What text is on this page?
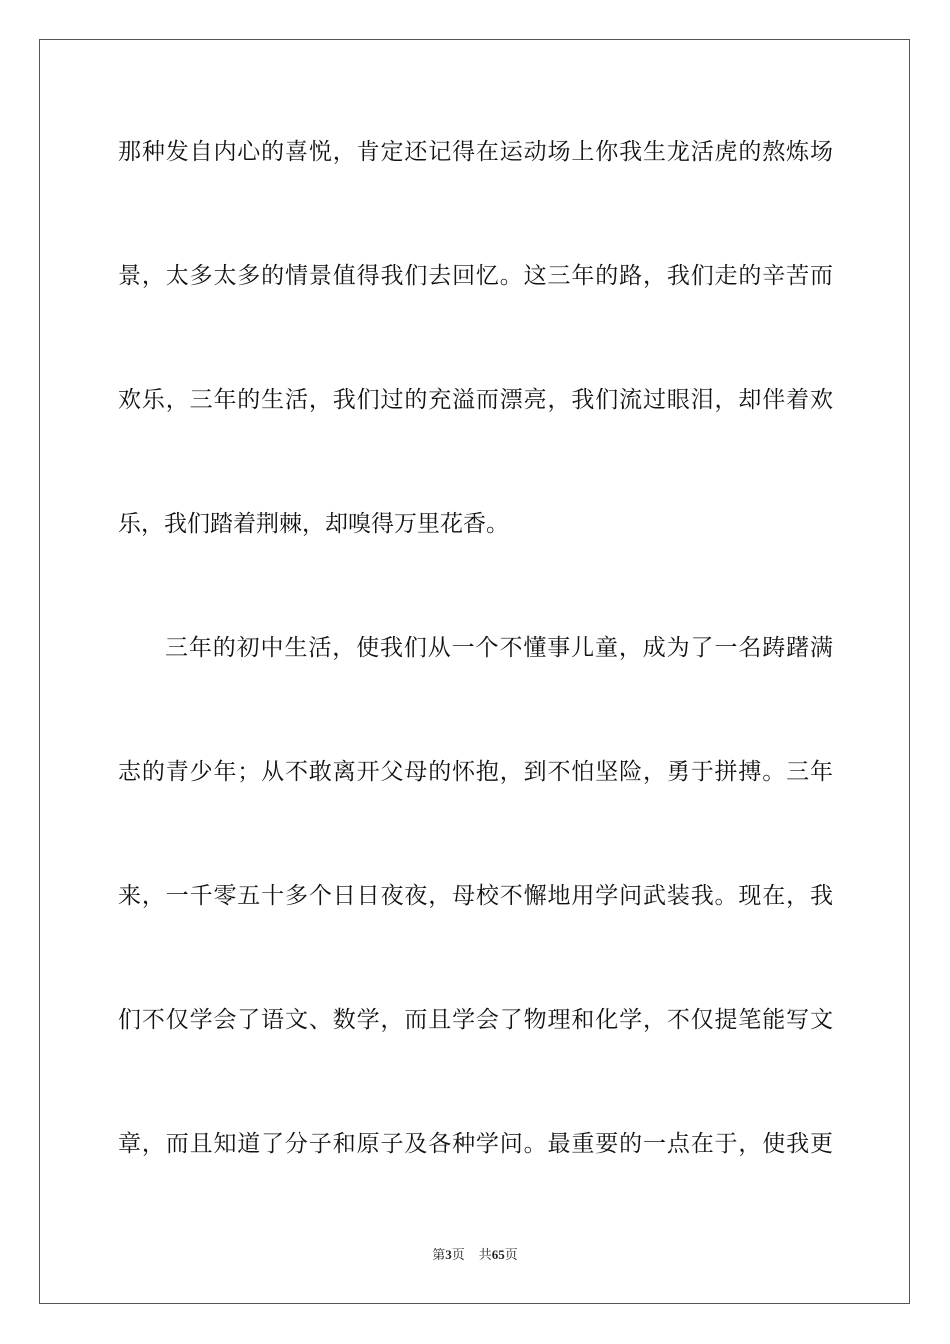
那种发自内心的喜悦，肯定还记得在运动场上你我生龙活虎的熬炼场
景，太多太多的情景值得我们去回忆。这三年的路，我们走的辛苦而
欢乐，三年的生活，我们过的充溢而漂亮，我们流过眼泪，却伴着欢
乐，我们踏着荆棘，却嗅得万里花香。
三年的初中生活，使我们从一个不懂事儿童，成为了一名踌躇满
志的青少年；从不敢离开父母的怀抱，到不怕坚险，勇于拼搏。三年
来，一千零五十多个日日夜夜，母校不懈地用学问武装我。现在，我
们不仅学会了语文、数学，而且学会了物理和化学，不仅提笔能写文
章，而且知道了分子和原子及各种学问。最重要的一点在于，使我更
第3页 共65页
